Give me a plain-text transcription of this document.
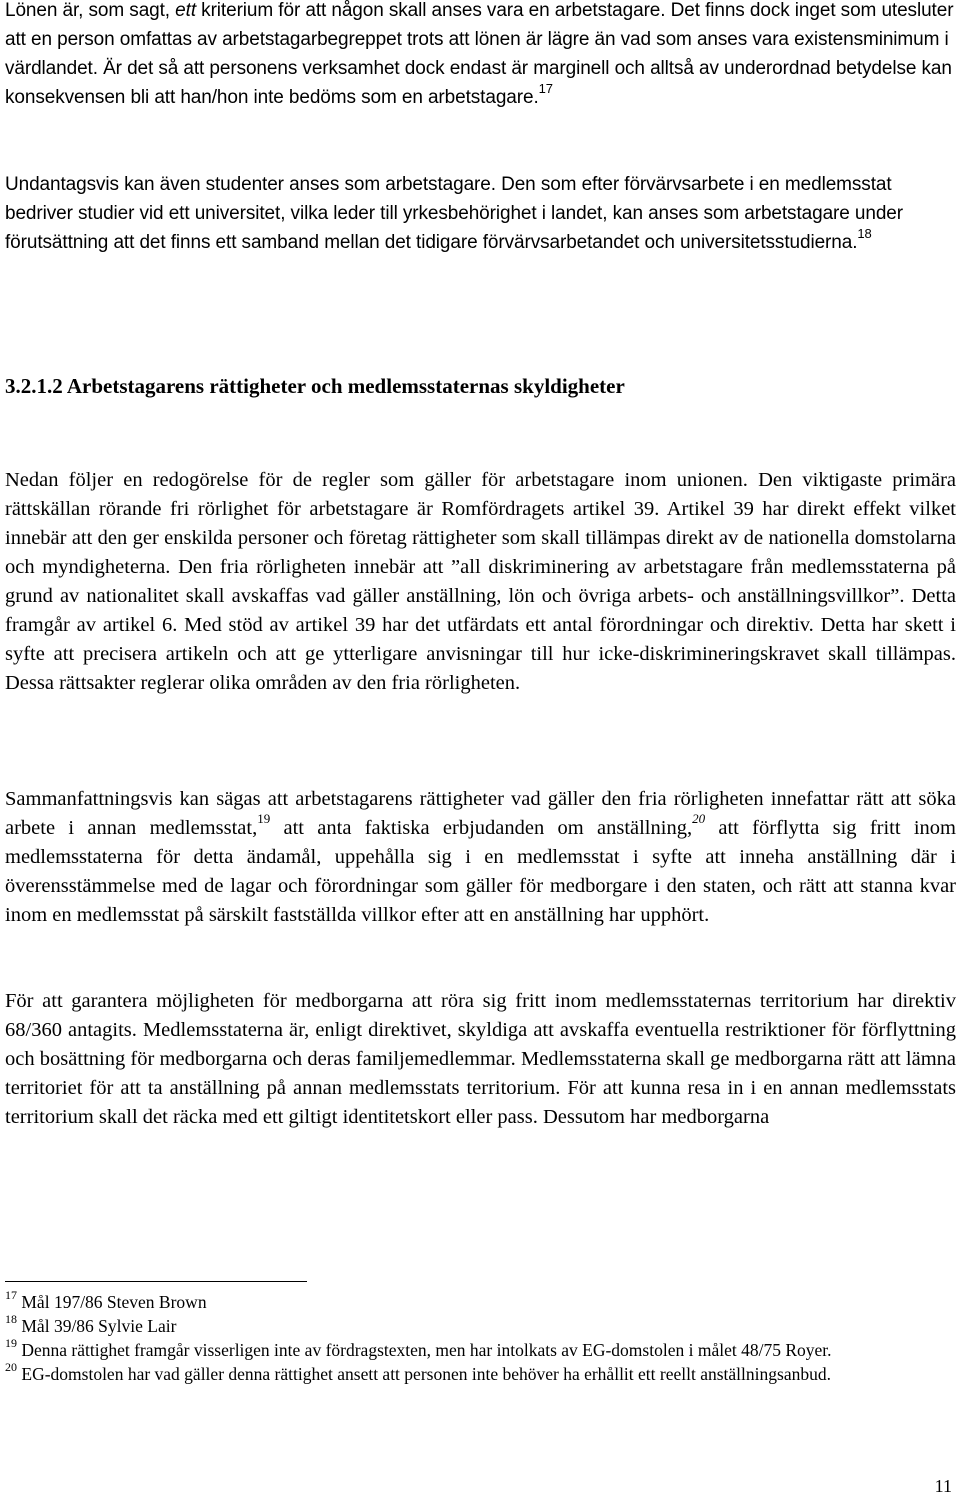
Lönen är, som sagt, ett kriterium för att någon skall anses vara en arbetstagare. Det finns dock inget som utesluter att en person omfattas av arbetstagarbegreppet trots att lönen är lägre än vad som anses vara existensminimum i värdlandet. Är det så att personens verksamhet dock endast är marginell och alltså av underordnad betydelse kan konsekvensen bli att han/hon inte bedöms som en arbetstagare.$^{17}$

Undantagsvis kan även studenter anses som arbetstagare. Den som efter förvärvsarbete i en medlemsstat bedriver studier vid ett universitet, vilka leder till yrkesbehörighet i landet, kan anses som arbetstagare under förutsättning att det finns ett samband mellan det tidigare förvärvsarbetandet och universitetsstudierna.$^{18}$

3.2.1.2 Arbetstagarens rättigheter och medlemsstaternas skyldigheter

Nedan följer en redogörelse för de regler som gäller för arbetstagare inom unionen. Den viktigaste primära rättskällan rörande fri rörlighet för arbetstagare är Romfördragets artikel 39. Artikel 39 har direkt effekt vilket innebär att den ger enskilda personer och företag rättigheter som skall tillämpas direkt av de nationella domstolarna och myndigheterna. Den fria rörligheten innebär att ”all diskriminering av arbetstagare från medlemsstaterna på grund av nationalitet skall avskaffas vad gäller anställning, lön och övriga arbets- och anställningsvillkor”. Detta framgår av artikel 6. Med stöd av artikel 39 har det utfärdats ett antal förordningar och direktiv. Detta har skett i syfte att precisera artikeln och att ge ytterligare anvisningar till hur icke-diskrimineringskravet skall tillämpas. Dessa rättsakter reglerar olika områden av den fria rörligheten.

Sammanfattningsvis kan sägas att arbetstagarens rättigheter vad gäller den fria rörligheten innefattar rätt att söka arbete i annan medlemsstat,$^{19}$ att anta faktiska erbjudanden om anställning,$^{20}$ att förflytta sig fritt inom medlemsstaterna för detta ändamål, uppehålla sig i en medlemsstat i syfte att inneha anställning där i överensstämmelse med de lagar och förordningar som gäller för medborgare i den staten, och rätt att stanna kvar inom en medlemsstat på särskilt fastställda villkor efter att en anställning har upphört.

För att garantera möjligheten för medborgarna att röra sig fritt inom medlemsstaternas territorium har direktiv 68/360 antagits. Medlemsstaterna är, enligt direktivet, skyldiga att avskaffa eventuella restriktioner för förflyttning och bosättning för medborgarna och deras familjemedlemmar. Medlemsstaterna skall ge medborgarna rätt att lämna territoriet för att ta anställning på annan medlemsstats territorium. För att kunna resa in i en annan medlemsstats territorium skall det räcka med ett giltigt identitetskort eller pass. Dessutom har medborgarna

$^{17}$ Mål 197/86 Steven Brown

$^{18}$ Mål 39/86 Sylvie Lair

$^{19}$ Denna rättighet framgår visserligen inte av fördragstexten, men har intolkats av EG-domstolen i målet 48/75 Royer.

$^{20}$ EG-domstolen har vad gäller denna rättighet ansett att personen inte behöver ha erhållit ett reellt anställningsanbud.

11
